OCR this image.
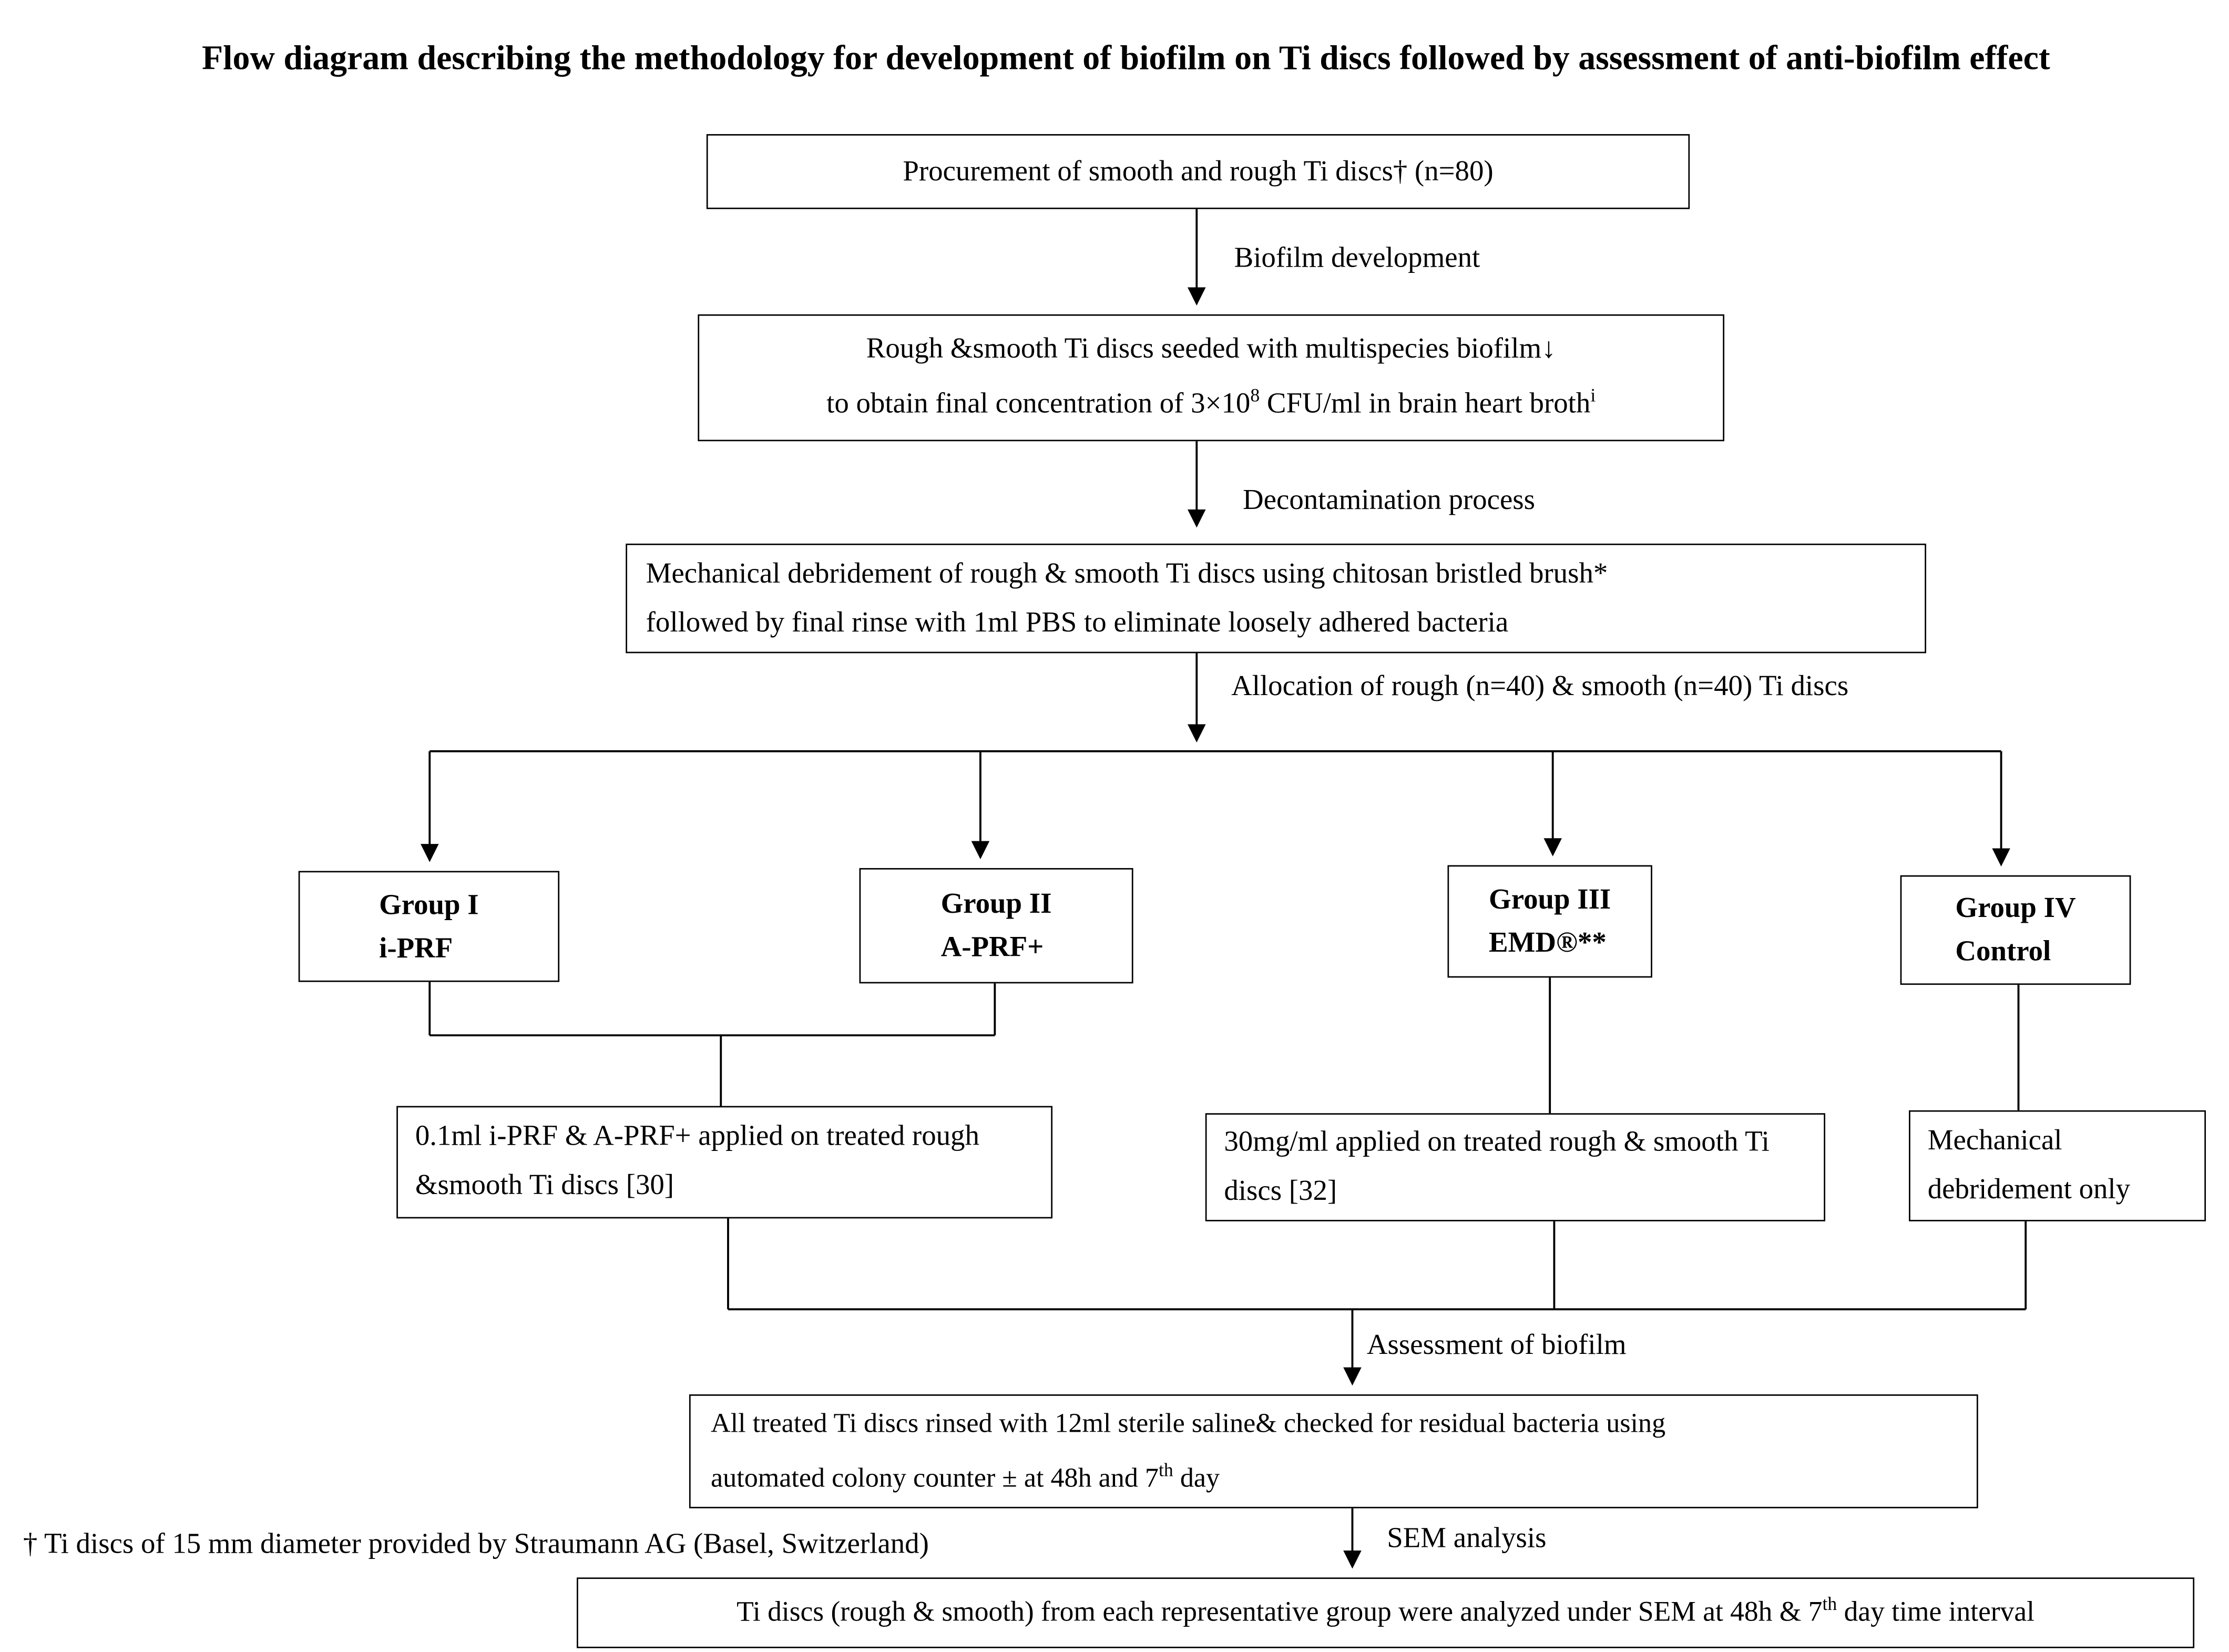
Flow diagram describing the methodology for development of biofilm on Ti discs followed by assessment of anti-biofilm effect
Procurement of smooth and rough Ti discs† (n=80)
Biofilm development
Rough &smooth Ti discs seeded with multispecies biofilm↓
to obtain final concentration of $3\times 10^8$ CFU/ml in brain heart broth$^i$
Decontamination process
Mechanical debridement of rough & smooth Ti discs using chitosan bristled brush*
followed by final rinse with 1ml PBS to eliminate loosely adhered bacteria
Allocation of rough (n=40) & smooth (n=40) Ti discs
Group I
i-PRF
Group II
A-PRF+
Group III
EMD®**
Group IV
Control
0.1ml i-PRF & A-PRF+ applied on treated rough &smooth Ti discs [30]
30mg/ml applied on treated rough & smooth Ti discs [32]
Mechanical debridement only
Assessment of biofilm
All treated Ti discs rinsed with 12ml sterile saline& checked for residual bacteria using
automated colony counter ± at 48h and 7th day
SEM analysis
† Ti discs of 15 mm diameter provided by Straumann AG (Basel, Switzerland)
Ti discs (rough & smooth) from each representative group were analyzed under SEM at 48h & 7th day time interval
